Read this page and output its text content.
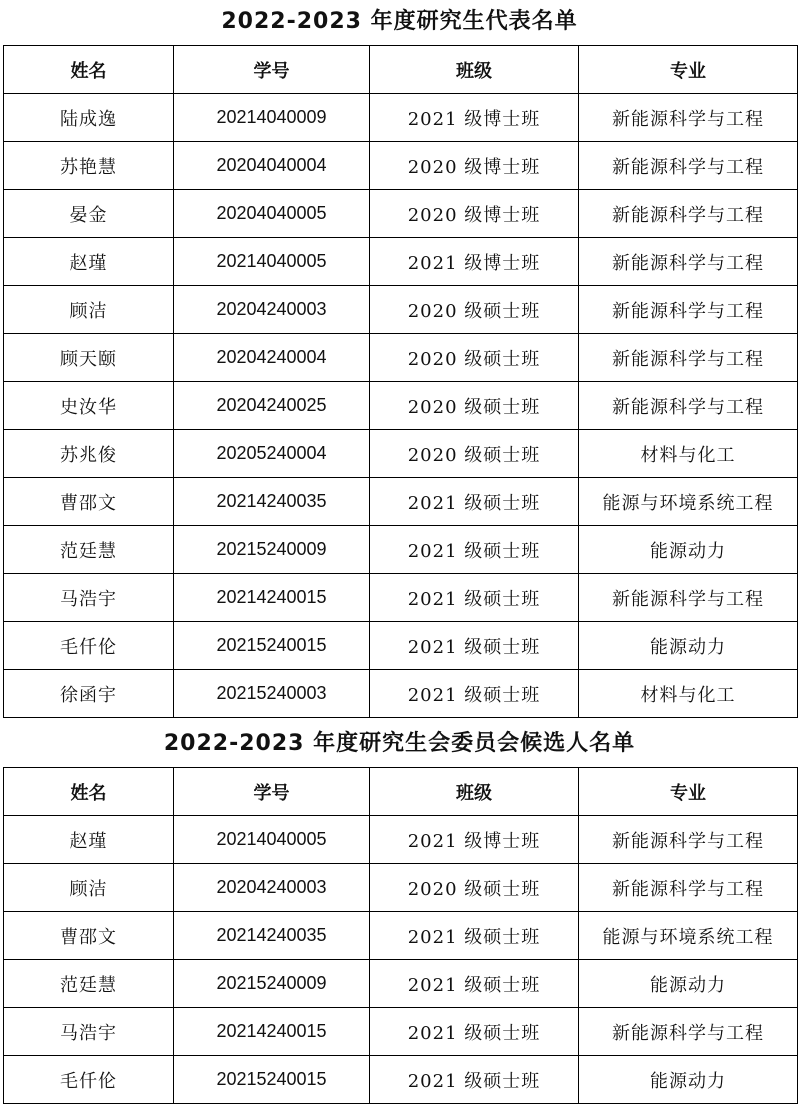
2022-2023 年度研究生代表名单
姓名	学号	班级	专业
陆成逸	20214040009	2021 级博士班	新能源科学与工程
苏艳慧	20204040004	2020 级博士班	新能源科学与工程
晏金	20204040005	2020 级博士班	新能源科学与工程
赵瑾	20214040005	2021 级博士班	新能源科学与工程
顾洁	20204240003	2020 级硕士班	新能源科学与工程
顾天颐	20204240004	2020 级硕士班	新能源科学与工程
史汝华	20204240025	2020 级硕士班	新能源科学与工程
苏兆俊	20205240004	2020 级硕士班	材料与化工
曹邵文	20214240035	2021 级硕士班	能源与环境系统工程
范廷慧	20215240009	2021 级硕士班	能源动力
马浩宇	20214240015	2021 级硕士班	新能源科学与工程
毛仟伦	20215240015	2021 级硕士班	能源动力
徐函宇	20215240003	2021 级硕士班	材料与化工
2022-2023 年度研究生会委员会候选人名单
姓名	学号	班级	专业
赵瑾	20214040005	2021 级博士班	新能源科学与工程
顾洁	20204240003	2020 级硕士班	新能源科学与工程
曹邵文	20214240035	2021 级硕士班	能源与环境系统工程
范廷慧	20215240009	2021 级硕士班	能源动力
马浩宇	20214240015	2021 级硕士班	新能源科学与工程
毛仟伦	20215240015	2021 级硕士班	能源动力
